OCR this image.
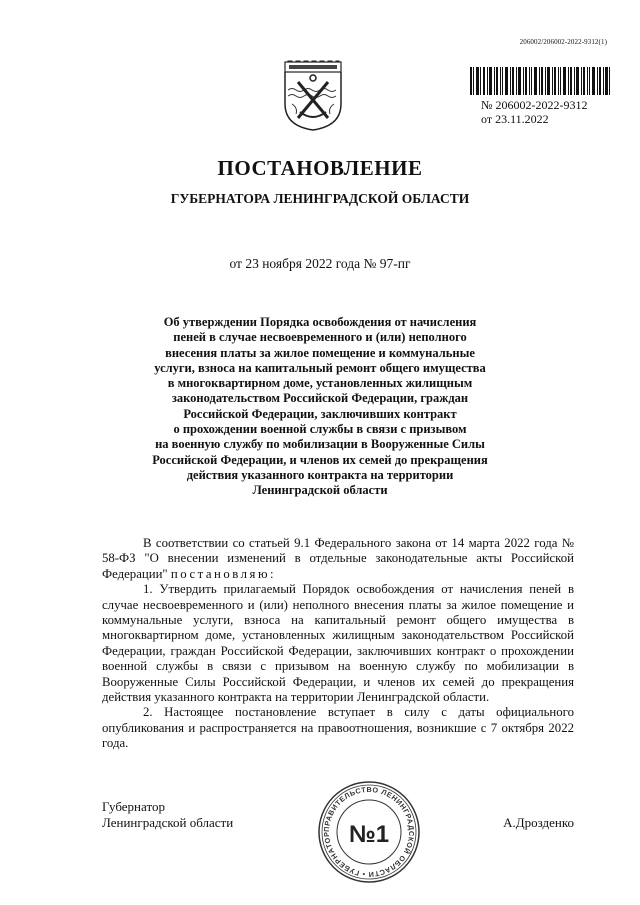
206002/206002-2022-9312(1)
№ 206002-2022-9312
от 23.11.2022
ПОСТАНОВЛЕНИЕ
ГУБЕРНАТОРА ЛЕНИНГРАДСКОЙ ОБЛАСТИ
от 23 ноября 2022 года № 97-пг
Об утверждении Порядка освобождения от начисления
пеней в случае несвоевременного и (или) неполного
внесения платы за жилое помещение и коммунальные
услуги, взноса на капитальный ремонт общего имущества
в многоквартирном доме, установленных жилищным
законодательством Российской Федерации, граждан
Российской Федерации, заключивших контракт
о прохождении военной службы в связи с призывом
на военную службу по мобилизации в Вооруженные Силы
Российской Федерации, и членов их семей до прекращения
действия указанного контракта на территории
Ленинградской области

В соответствии со статьей 9.1 Федерального закона от 14 марта 2022 года № 58-ФЗ "О внесении изменений в отдельные законодательные акты Российской Федерации" постановляю:

1. Утвердить прилагаемый Порядок освобождения от начисления пеней в случае несвоевременного и (или) неполного внесения платы за жилое помещение и коммунальные услуги, взноса на капитальный ремонт общего имущества в многоквартирном доме, установленных жилищным законодательством Российской Федерации, граждан Российской Федерации, заключивших контракт о прохождении военной службы в связи с призывом на военную службу по мобилизации в Вооруженные Силы Российской Федерации, и членов их семей до прекращения действия указанного контракта на территории Ленинградской области.

2. Настоящее постановление вступает в силу с даты официального опубликования и распространяется на правоотношения, возникшие с 7 октября 2022 года.

Губернатор
Ленинградской области	ПРАВИТЕЛЬСТВО ЛЕНИНГРАДСКОЙ ОБЛАСТИ • ГУБЕРНАТОР №1	А.Дрозденко
